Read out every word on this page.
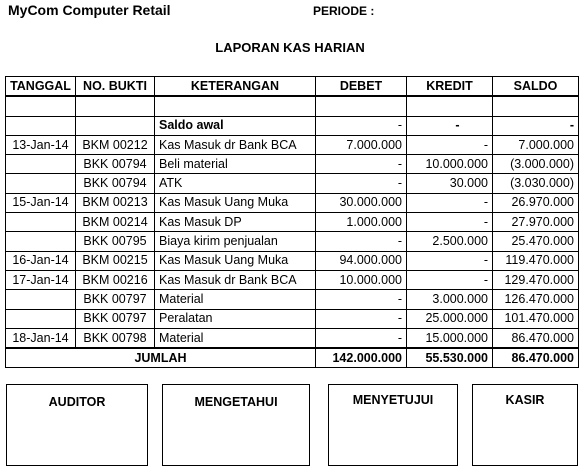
MyCom Computer Retail	PERIODE :
LAPORAN KAS HARIAN
TANGGAL	NO. BUKTI	KETERANGAN	DEBET	KREDIT	SALDO

		Saldo awal	-	-	-
13-Jan-14	BKM 00212	Kas Masuk dr Bank BCA	7.000.000	-	7.000.000
	BKK 00794	Beli material	-	10.000.000	(3.000.000)
	BKK 00794	ATK	-	30.000	(3.030.000)
15-Jan-14	BKM 00213	Kas Masuk Uang Muka	30.000.000	-	26.970.000
	BKM 00214	Kas Masuk DP	1.000.000	-	27.970.000
	BKK 00795	Biaya kirim penjualan	-	2.500.000	25.470.000
16-Jan-14	BKM 00215	Kas Masuk Uang Muka	94.000.000	-	119.470.000
17-Jan-14	BKM 00216	Kas Masuk dr Bank BCA	10.000.000	-	129.470.000
	BKK 00797	Material	-	3.000.000	126.470.000
	BKK 00797	Peralatan	-	25.000.000	101.470.000
18-Jan-14	BKK 00798	Material	-	15.000.000	86.470.000
JUMLAH			142.000.000	55.530.000	86.470.000
AUDITOR	MENGETAHUI	MENYETUJUI	KASIR
